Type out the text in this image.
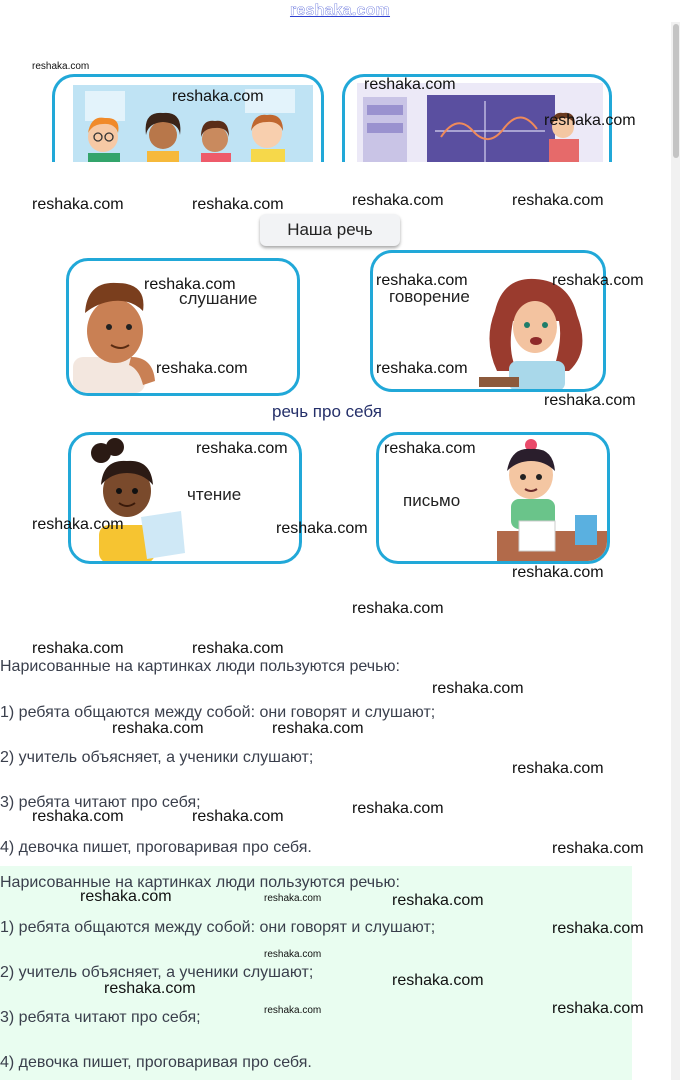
reshaka.com
Наша речь
слушание	говорение
речь про себя
чтение	письмо
Нарисованные на картинках люди пользуются речью:
1) ребята общаются между собой: они говорят и слушают;
2) учитель объясняет, а ученики слушают;
3) ребята читают про себя;
4) девочка пишет, проговаривая про себя.
Нарисованные на картинках люди пользуются речью:
1) ребята общаются между собой: они говорят и слушают;
2) учитель объясняет, а ученики слушают;
3) ребята читают про себя;
4) девочка пишет, проговаривая про себя.
reshaka.com
reshaka.com
reshaka.com
reshaka.com
reshaka.com	reshaka.com	reshaka.com	reshaka.com
reshaka.com	reshaka.com	reshaka.com
reshaka.com	reshaka.com
reshaka.com
reshaka.com	reshaka.com
reshaka.com	reshaka.com
reshaka.com
reshaka.com
reshaka.com	reshaka.com
reshaka.com
reshaka.com	reshaka.com
reshaka.com
reshaka.com
reshaka.com	reshaka.com
reshaka.com
reshaka.com	reshaka.com	reshaka.com
reshaka.com
reshaka.com
reshaka.com
reshaka.com
reshaka.com
reshaka.com
